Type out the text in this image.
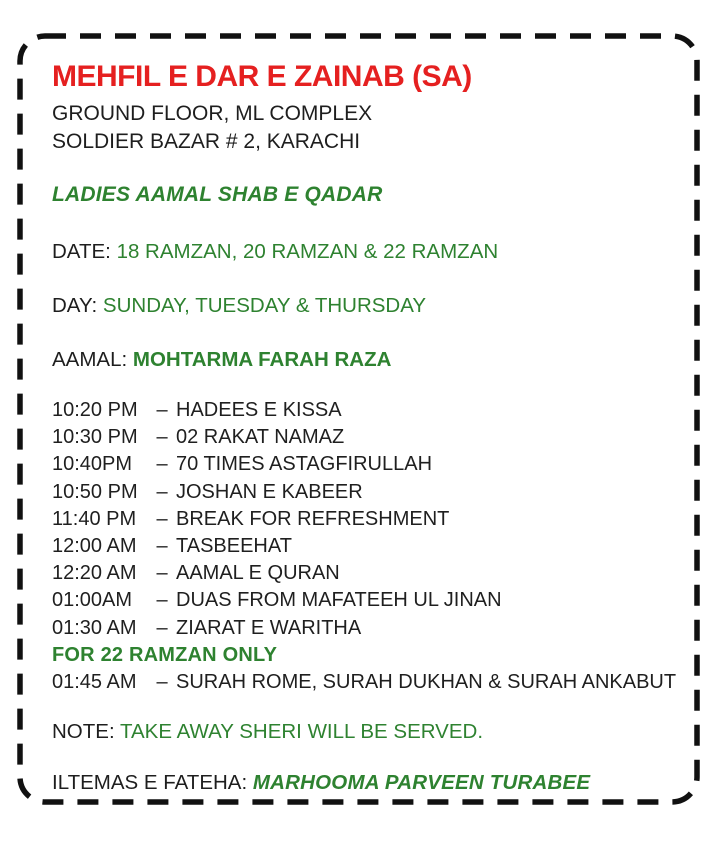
MEHFIL E DAR E ZAINAB (SA)
GROUND FLOOR, ML COMPLEX
SOLDIER BAZAR # 2, KARACHI
LADIES AAMAL SHAB E QADAR
DATE: 18 RAMZAN, 20 RAMZAN & 22 RAMZAN
DAY: SUNDAY, TUESDAY & THURSDAY
AAMAL: MOHTARMA FARAH RAZA
10:20 PM – HADEES E KISSA
10:30 PM – 02 RAKAT NAMAZ
10:40PM	– 70 TIMES ASTAGFIRULLAH
10:50 PM – JOSHAN E KABEER
11:40 PM	– BREAK FOR REFRESHMENT
12:00 AM – TASBEEHAT
12:20 AM – AAMAL E QURAN
01:00AM	– DUAS FROM MAFATEEH UL JINAN
01:30 AM – ZIARAT E WARITHA
FOR 22 RAMZAN ONLY
01:45 AM – SURAH ROME, SURAH DUKHAN & SURAH ANKABUT
NOTE: TAKE AWAY SHERI WILL BE SERVED.
ILTEMAS E FATEHA: MARHOOMA PARVEEN TURABEE
